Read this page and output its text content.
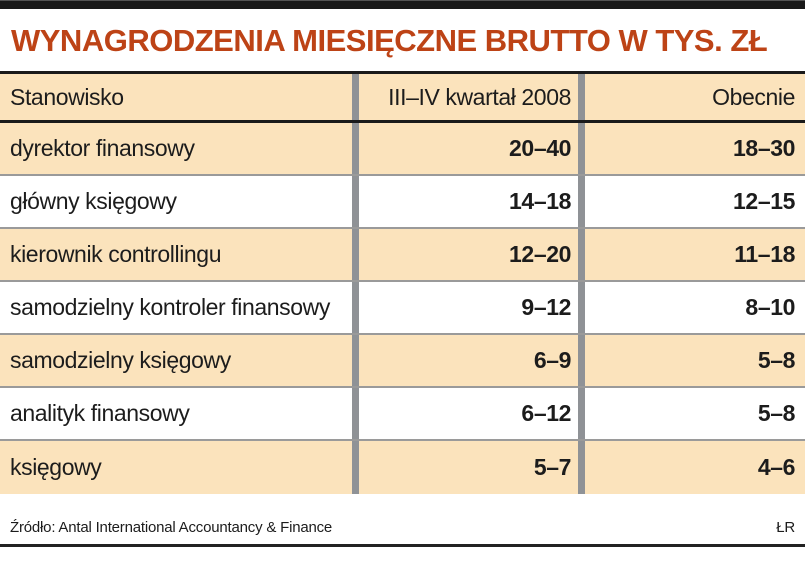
WYNAGRODZENIA MIESIĘCZNE BRUTTO W TYS. ZŁ
Stanowisko	III–IV kwartał 2008	Obecnie
dyrektor finansowy	20–40	18–30
główny księgowy	14–18	12–15
kierownik controllingu	12–20	11–18
samodzielny kontroler finansowy	9–12	8–10
samodzielny księgowy	6–9	5–8
analityk finansowy	6–12	5–8
księgowy	5–7	4–6
Źródło: Antal International Accountancy & Finance	ŁR
